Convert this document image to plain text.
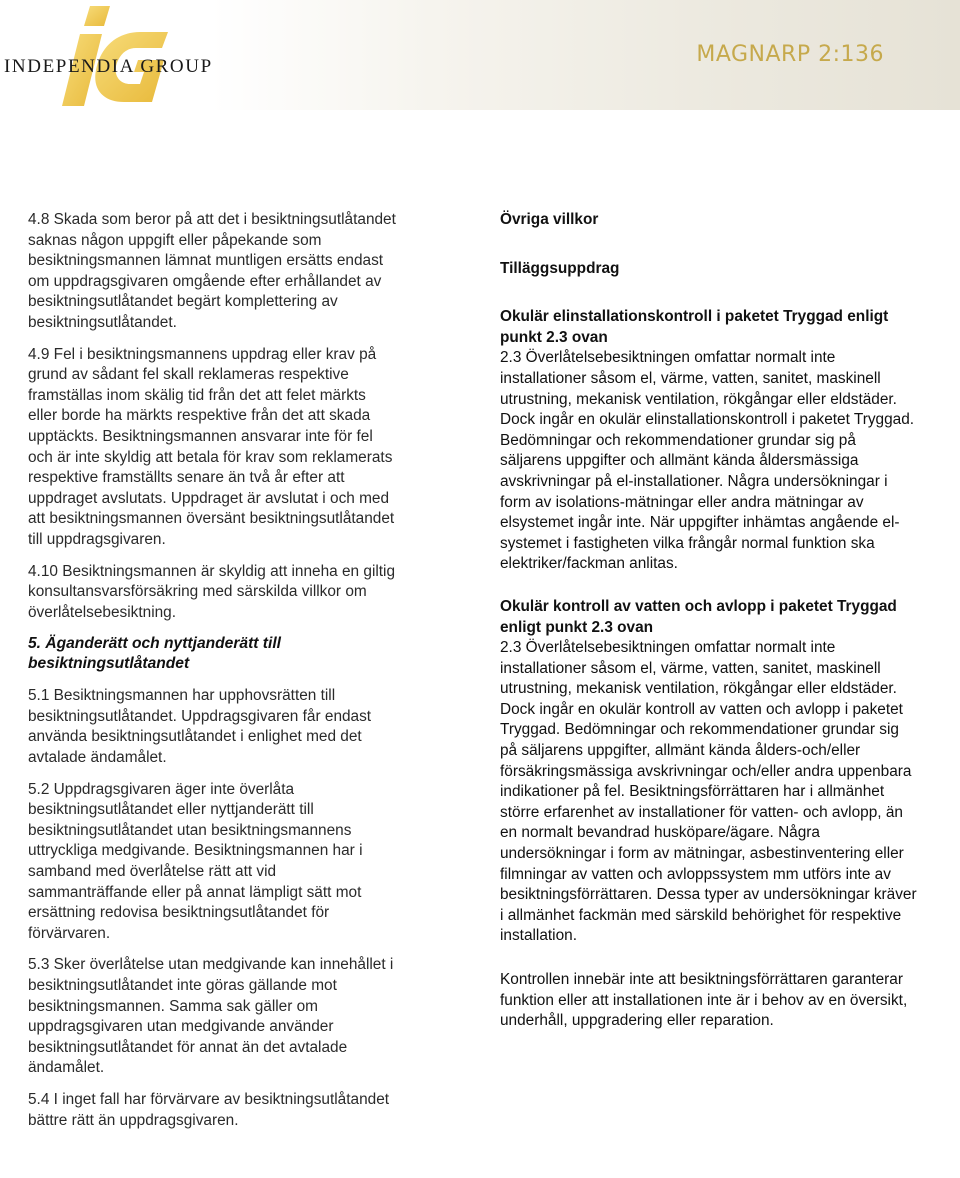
INDEPENDIA GROUP	MAGNARP 2:136

4.8 Skada som beror på att det i besiktningsutlåtandet saknas någon uppgift eller påpekande som besiktningsmannen lämnat muntligen ersätts endast om uppdragsgivaren omgående efter erhållandet av besiktningsutlåtandet begärt komplettering av besiktningsutlåtandet.

4.9 Fel i besiktningsmannens uppdrag eller krav på grund av sådant fel skall reklameras respektive framställas inom skälig tid från det att felet märkts eller borde ha märkts respektive från det att skada upptäckts. Besiktningsmannen ansvarar inte för fel och är inte skyldig att betala för krav som reklamerats respektive framställts senare än två år efter att uppdraget avslutats. Uppdraget är avslutat i och med att besiktningsmannen översänt besiktningsutlåtandet till uppdragsgivaren.

4.10 Besiktningsmannen är skyldig att inneha en giltig konsultansvarsförsäkring med särskilda villkor om överlåtelsebesiktning.

5. Äganderätt och nyttjanderätt till besiktningsutlåtandet

5.1 Besiktningsmannen har upphovsrätten till besiktningsutlåtandet. Uppdragsgivaren får endast använda besiktningsutlåtandet i enlighet med det avtalade ändamålet.

5.2 Uppdragsgivaren äger inte överlåta besiktningsutlåtandet eller nyttjanderätt till besiktningsutlåtandet utan besiktningsmannens uttryckliga medgivande. Besiktningsmannen har i samband med överlåtelse rätt att vid sammanträffande eller på annat lämpligt sätt mot ersättning redovisa besiktningsutlåtandet för förvärvaren.

5.3 Sker överlåtelse utan medgivande kan innehållet i besiktningsutlåtandet inte göras gällande mot besiktningsmannen. Samma sak gäller om uppdragsgivaren utan medgivande använder besiktningsutlåtandet för annat än det avtalade ändamålet.

5.4 I inget fall har förvärvare av besiktningsutlåtandet bättre rätt än uppdragsgivaren.

Övriga villkor
Tilläggsuppdrag
Okulär elinstallationskontroll i paketet Tryggad enligt punkt 2.3 ovan
2.3 Överlåtelsebesiktningen omfattar normalt inte installationer såsom el, värme, vatten, sanitet, maskinell utrustning, mekanisk ventilation, rökgångar eller eldstäder. Dock ingår en okulär elinstallationskontroll i paketet Tryggad. Bedömningar och rekommendationer grundar sig på säljarens uppgifter och allmänt kända åldersmässiga avskrivningar på el-installationer. Några undersökningar i form av isolations-mätningar eller andra mätningar av elsystemet ingår inte. När uppgifter inhämtas angående el-systemet i fastigheten vilka frångår normal funktion ska elektriker/fackman anlitas.
Okulär kontroll av vatten och avlopp i paketet Tryggad enligt punkt 2.3 ovan
2.3 Överlåtelsebesiktningen omfattar normalt inte installationer såsom el, värme, vatten, sanitet, maskinell utrustning, mekanisk ventilation, rökgångar eller eldstäder. Dock ingår en okulär kontroll av vatten och avlopp i paketet Tryggad. Bedömningar och rekommendationer grundar sig på säljarens uppgifter, allmänt kända ålders-och/eller försäkringsmässiga avskrivningar och/eller andra uppenbara indikationer på fel. Besiktningsförrättaren har i allmänhet större erfarenhet av installationer för vatten- och avlopp, än en normalt bevandrad husköpare/ägare. Några undersökningar i form av mätningar, asbestinventering eller filmningar av vatten och avloppssystem mm utförs inte av besiktningsförrättaren. Dessa typer av undersökningar kräver i allmänhet fackmän med särskild behörighet för respektive installation.
Kontrollen innebär inte att besiktningsförrättaren garanterar funktion eller att installationen inte är i behov av en översikt, underhåll, uppgradering eller reparation.
